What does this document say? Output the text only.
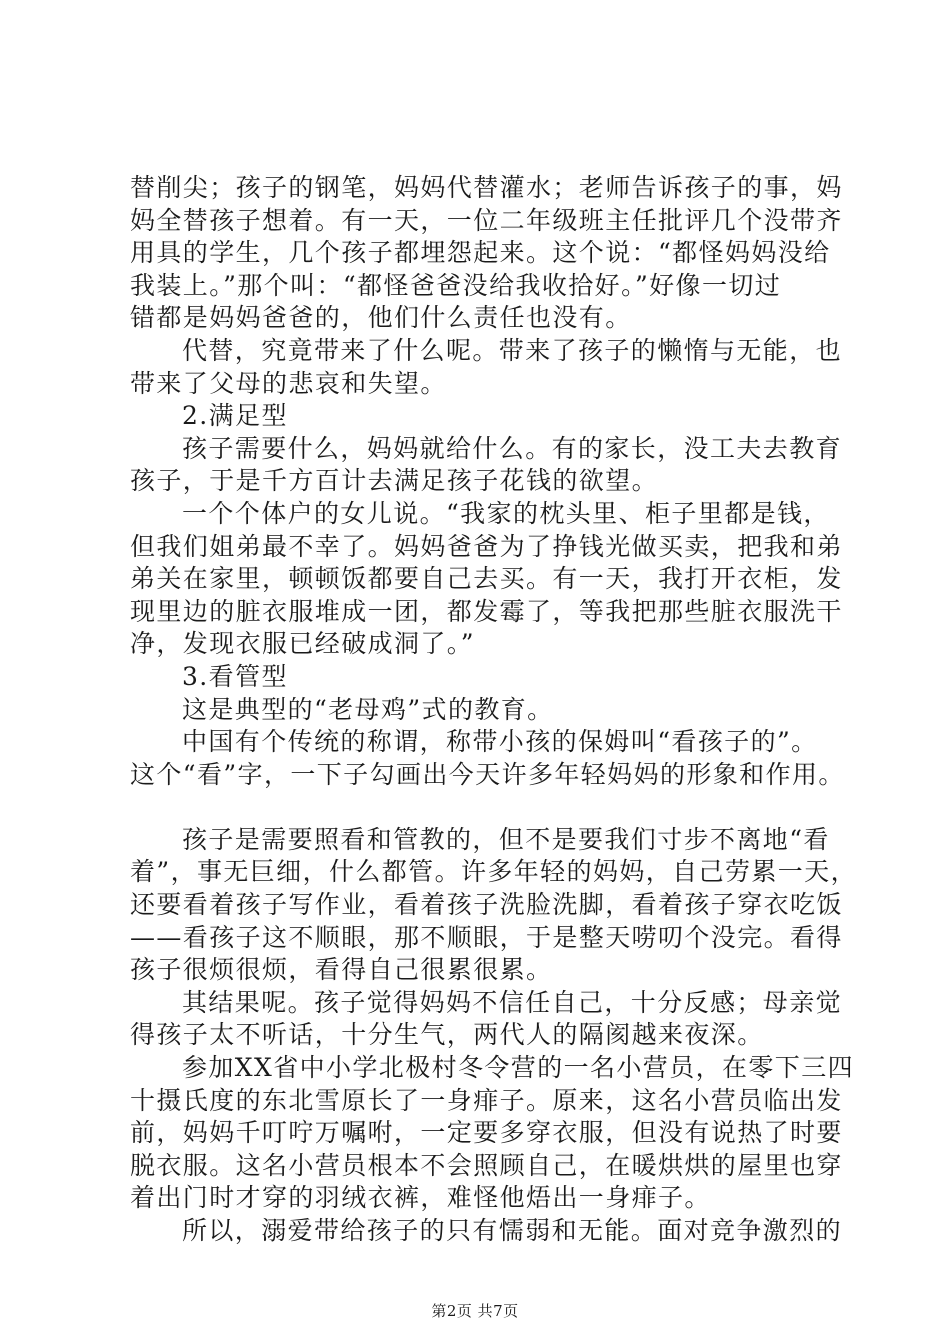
替削尖；孩子的钢笔，妈妈代替灌水；老师告诉孩子的事，妈
妈全替孩子想着。有一天，一位二年级班主任批评几个没带齐
用具的学生，几个孩子都埋怨起来。这个说：“都怪妈妈没给
我装上。”那个叫：“都怪爸爸没给我收拾好。”好像一切过
错都是妈妈爸爸的，他们什么责任也没有。
代替，究竟带来了什么呢。带来了孩子的懒惰与无能，也
带来了父母的悲哀和失望。
2.满足型
孩子需要什么，妈妈就给什么。有的家长，没工夫去教育
孩子，于是千方百计去满足孩子花钱的欲望。
一个个体户的女儿说。“我家的枕头里、柜子里都是钱，
但我们姐弟最不幸了。妈妈爸爸为了挣钱光做买卖，把我和弟
弟关在家里，顿顿饭都要自己去买。有一天，我打开衣柜，发
现里边的脏衣服堆成一团，都发霉了，等我把那些脏衣服洗干
净，发现衣服已经破成洞了。”
3.看管型
这是典型的“老母鸡”式的教育。
中国有个传统的称谓，称带小孩的保姆叫“看孩子的”。
这个“看”字，一下子勾画出今天许多年轻妈妈的形象和作用。
孩子是需要照看和管教的，但不是要我们寸步不离地“看
着”，事无巨细，什么都管。许多年轻的妈妈，自己劳累一天，
还要看着孩子写作业，看着孩子洗脸洗脚，看着孩子穿衣吃饭
——看孩子这不顺眼，那不顺眼，于是整天唠叨个没完。看得
孩子很烦很烦，看得自己很累很累。
其结果呢。孩子觉得妈妈不信任自己，十分反感；母亲觉
得孩子太不听话，十分生气，两代人的隔阂越来夜深。
参加XX省中小学北极村冬令营的一名小营员，在零下三四
十摄氏度的东北雪原长了一身痱子。原来，这名小营员临出发
前，妈妈千叮咛万嘱咐，一定要多穿衣服，但没有说热了时要
脱衣服。这名小营员根本不会照顾自己，在暖烘烘的屋里也穿
着出门时才穿的羽绒衣裤，难怪他焐出一身痱子。
所以，溺爱带给孩子的只有懦弱和无能。面对竞争激烈的
第2页 共7页
